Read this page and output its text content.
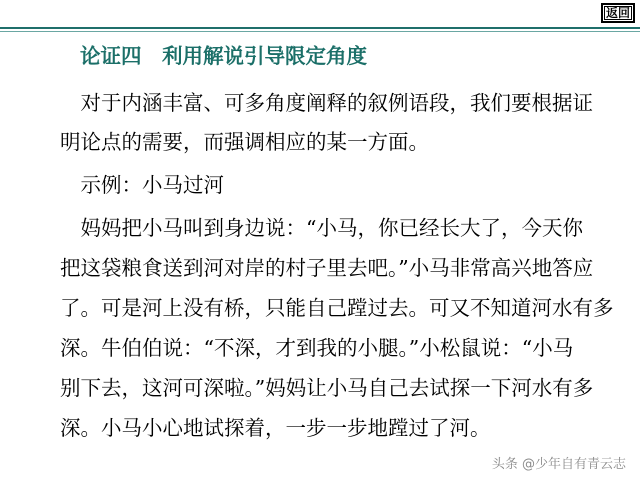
返回
论证四　利用解说引导限定角度
　对于内涵丰富、可多角度阐释的叙例语段，我们要根据证
明论点的需要，而强调相应的某一方面。
　示例：小马过河
　妈妈把小马叫到身边说：“小马，你已经长大了，今天你
把这袋粮食送到河对岸的村子里去吧。”小马非常高兴地答应
了。可是河上没有桥，只能自己蹚过去。可又不知道河水有多
深。牛伯伯说：“不深，才到我的小腿。”小松鼠说：“小马
别下去，这河可深啦。”妈妈让小马自己去试探一下河水有多
深。小马小心地试探着，一步一步地蹚过了河。
头条 @少年自有青云志
